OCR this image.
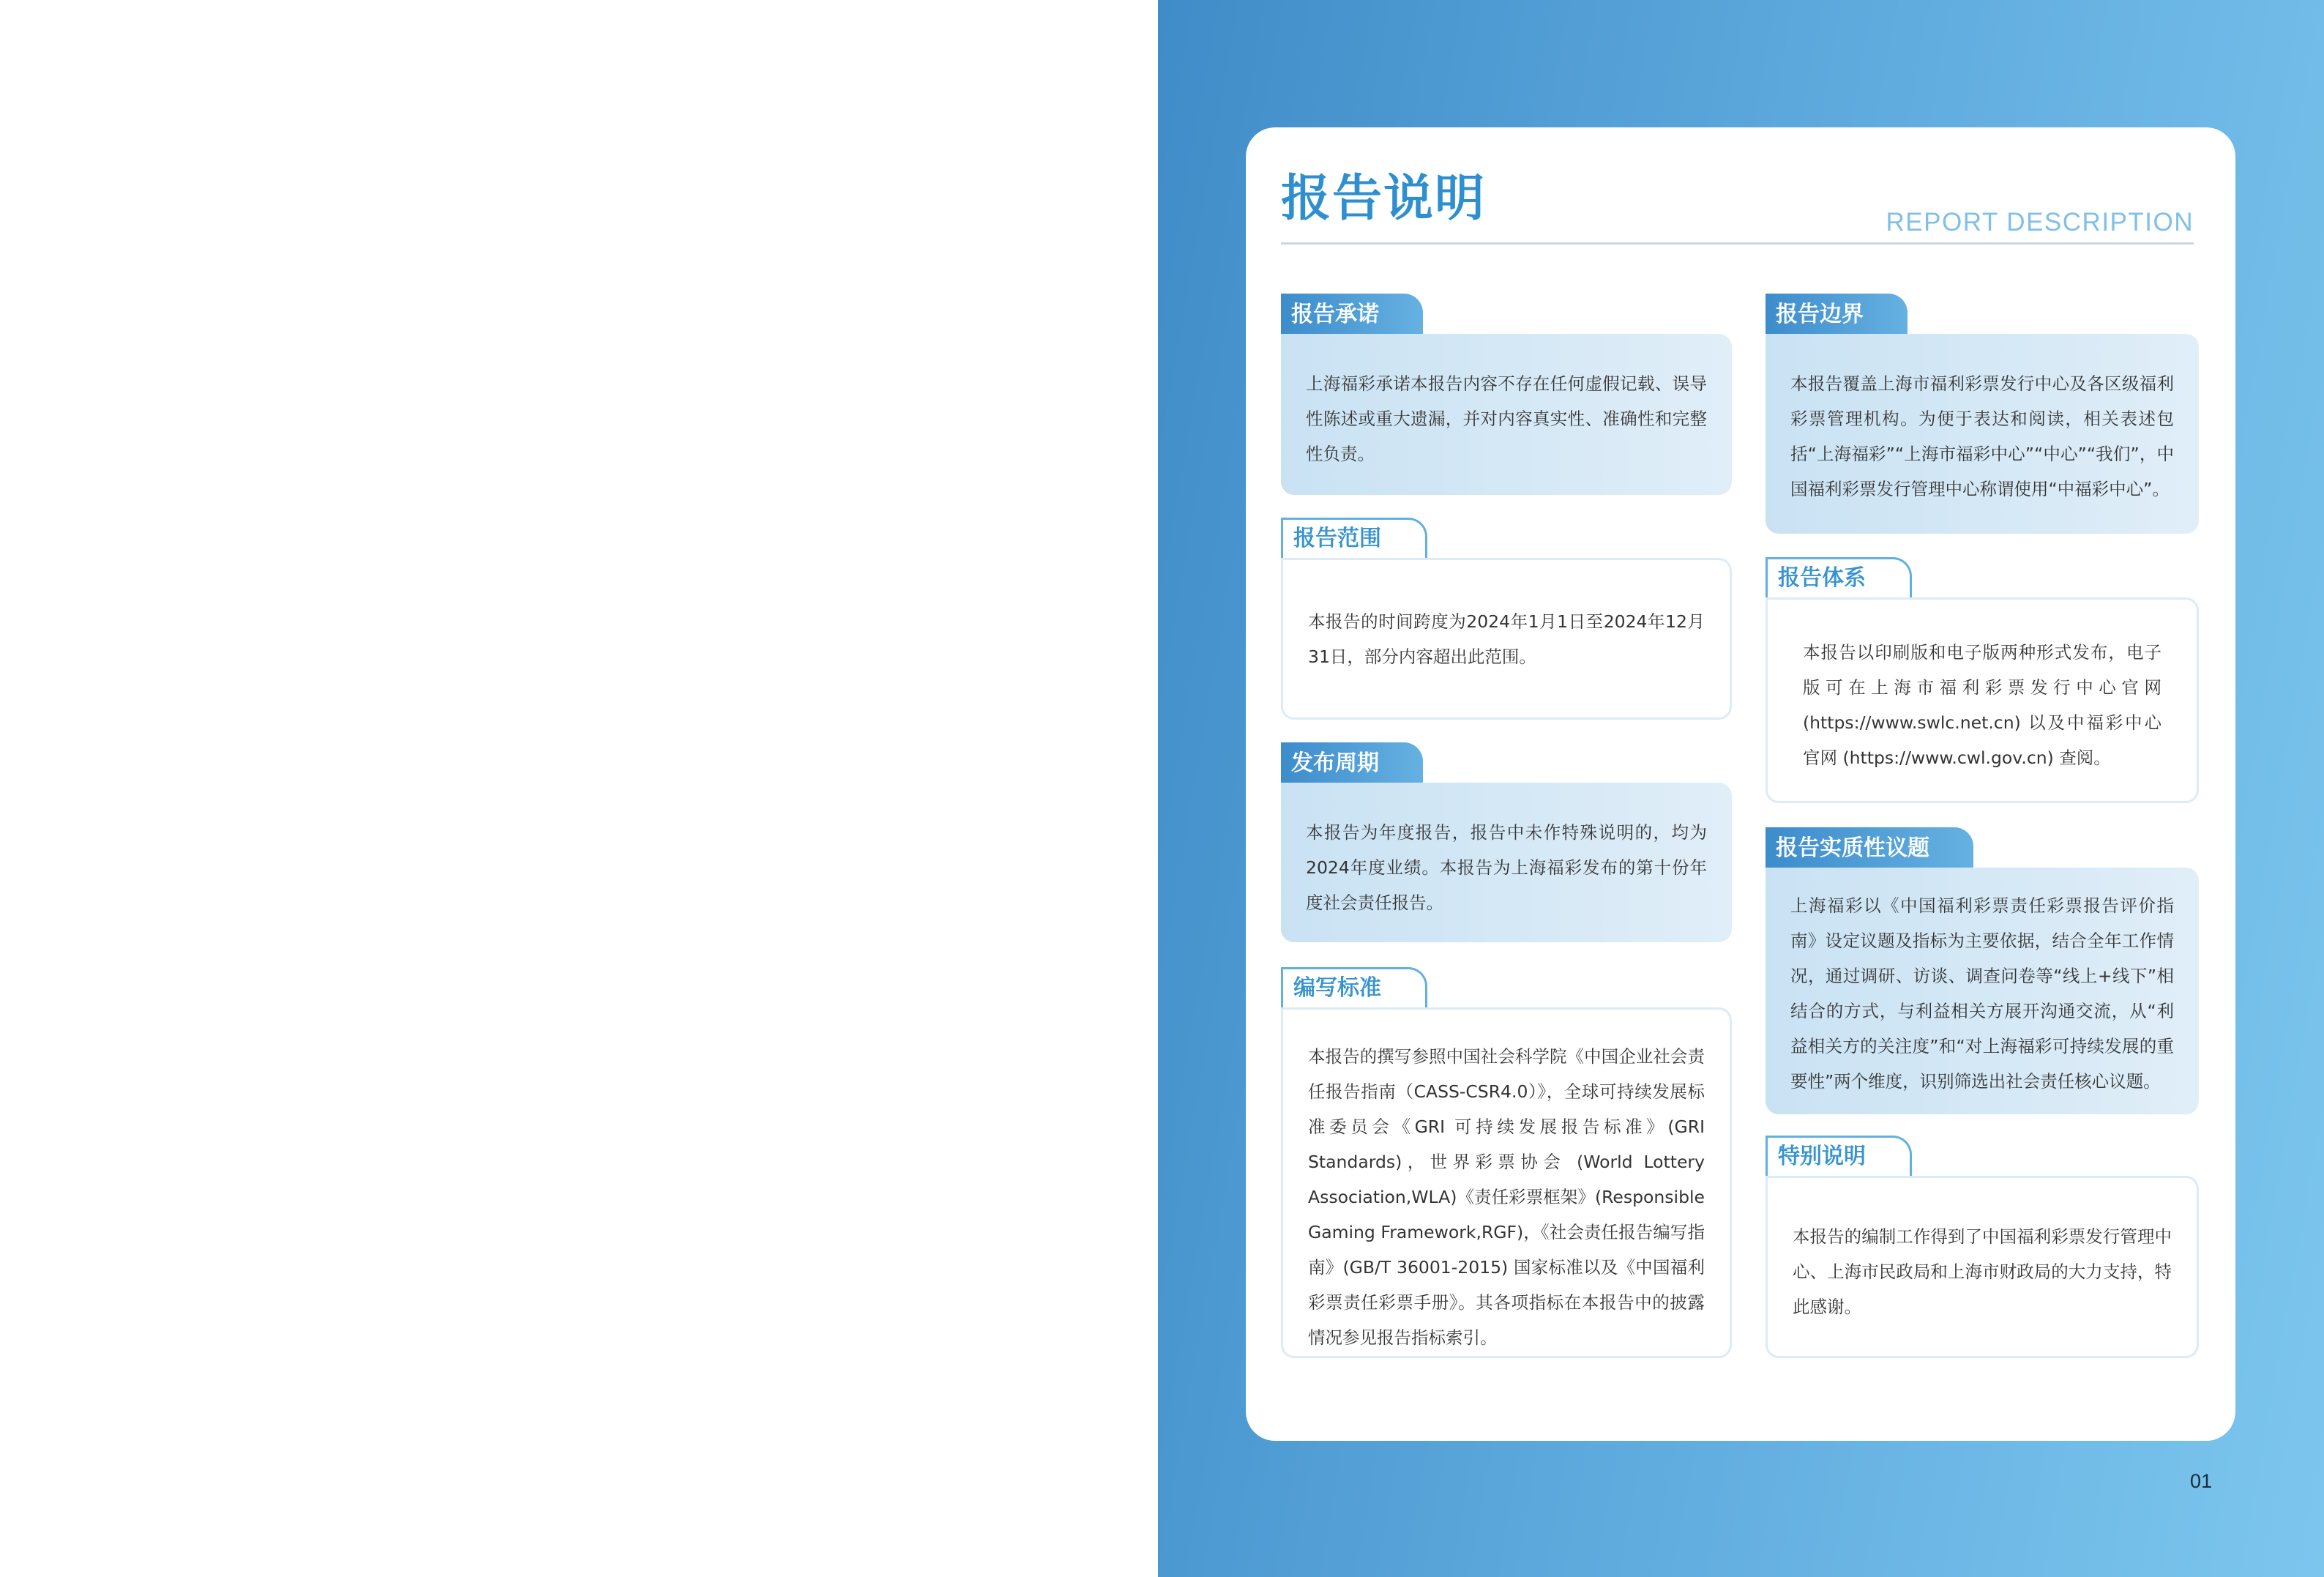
报告说明	REPORT DESCRIPTION
报告承诺
上海福彩承诺本报告内容不存在任何虚假记载、误导性陈述或重大遗漏，并对内容真实性、准确性和完整性负责。
报告范围
本报告的时间跨度为2024年1月1日至2024年12月31日，部分内容超出此范围。
发布周期
本报告为年度报告，报告中未作特殊说明的，均为2024年度业绩。本报告为上海福彩发布的第十份年度社会责任报告。
编写标准
本报告的撰写参照中国社会科学院《中国企业社会责任报告指南（CASS-CSR4.0）》，全球可持续发展标准委员会《GRI 可持续发展报告标准》(GRI Standards)，世界彩票协会 (World Lottery Association,WLA)《责任彩票框架》(Responsible Gaming Framework,RGF)，《社会责任报告编写指南》(GB/T 36001-2015) 国家标准以及《中国福利彩票责任彩票手册》。其各项指标在本报告中的披露情况参见报告指标索引。
报告边界
本报告覆盖上海市福利彩票发行中心及各区级福利彩票管理机构。为便于表达和阅读，相关表述包括“上海福彩”“上海市福彩中心”“中心”“我们”，中国福利彩票发行管理中心称谓使用“中福彩中心”。
报告体系
本报告以印刷版和电子版两种形式发布，电子版可在上海市福利彩票发行中心官网 (https://www.swlc.net.cn) 以及中福彩中心官网 (https://www.cwl.gov.cn) 查阅。
报告实质性议题
上海福彩以《中国福利彩票责任彩票报告评价指南》设定议题及指标为主要依据，结合全年工作情况，通过调研、访谈、调查问卷等“线上+线下”相结合的方式，与利益相关方展开沟通交流，从“利益相关方的关注度”和“对上海福彩可持续发展的重要性”两个维度，识别筛选出社会责任核心议题。
特别说明
本报告的编制工作得到了中国福利彩票发行管理中心、上海市民政局和上海市财政局的大力支持，特此感谢。
01
